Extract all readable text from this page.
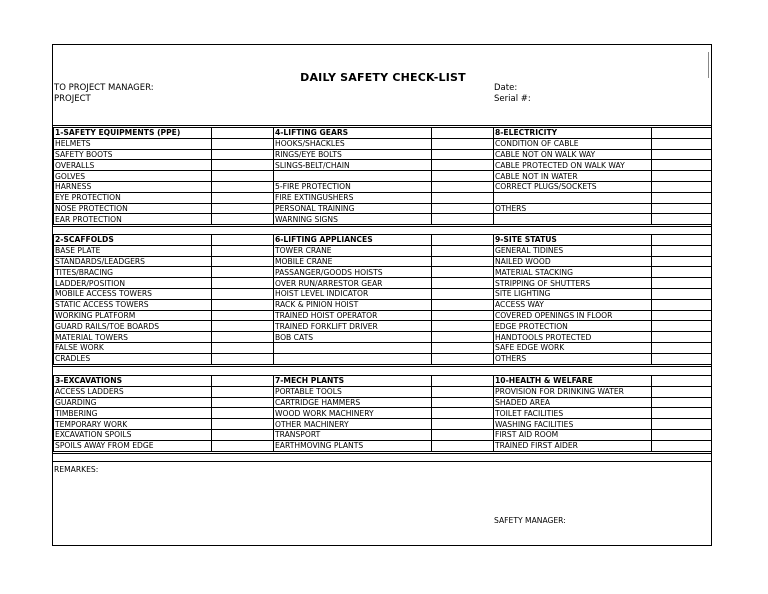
DAILY SAFETY CHECK-LIST
TO PROJECT MANAGER:
PROJECT
Date:
Serial #:
1-SAFETY EQUIPMENTS (PPE)		4-LIFTING GEARS		8-ELECTRICITY	
HELMETS		HOOKS/SHACKLES		CONDITION OF CABLE	
SAFETY BOOTS		RINGS/EYE BOLTS		CABLE NOT ON WALK WAY	
OVERALLS		SLINGS-BELT/CHAIN		CABLE PROTECTED ON WALK WAY	
GOLVES				CABLE NOT IN WATER	
HARNESS		5-FIRE PROTECTION		CORRECT PLUGS/SOCKETS	
EYE PROTECTION		FIRE EXTINGUSHERS			
NOSE PROTECTION		PERSONAL TRAINING		OTHERS	
EAR PROTECTION		WARNING SIGNS			
2-SCAFFOLDS		6-LIFTING APPLIANCES		9-SITE STATUS	
BASE PLATE		TOWER CRANE		GENERAL TIDINES	
STANDARDS/LEADGERS		MOBILE CRANE		NAILED WOOD	
TITES/BRACING		PASSANGER/GOODS HOISTS		MATERIAL STACKING	
LADDER/POSITION		OVER RUN/ARRESTOR GEAR		STRIPPING OF SHUTTERS	
MOBILE ACCESS TOWERS		HOIST LEVEL INDICATOR		SITE LIGHTING	
STATIC ACCESS TOWERS		RACK & PINION HOIST		ACCESS WAY	
WORKING PLATFORM		TRAINED HOIST OPERATOR		COVERED OPENINGS IN FLOOR	
GUARD RAILS/TOE BOARDS		TRAINED FORKLIFT DRIVER		EDGE PROTECTION	
MATERIAL TOWERS		BOB CATS		HANDTOOLS PROTECTED	
FALSE WORK				SAFE EDGE WORK	
CRADLES				OTHERS	
3-EXCAVATIONS		7-MECH PLANTS		10-HEALTH & WELFARE	
ACCESS LADDERS		PORTABLE TOOLS		PROVISION FOR DRINKING WATER	
GUARDING		CARTRIDGE HAMMERS		SHADED AREA	
TIMBERING		WOOD WORK MACHINERY		TOILET FACILITIES	
TEMPORARY WORK		OTHER MACHINERY		WASHING FACILITIES	
EXCAVATION SPOILS		TRANSPORT		FIRST AID ROOM	
SPOILS AWAY FROM EDGE		EARTHMOVING PLANTS		TRAINED FIRST AIDER	
REMARKES:
SAFETY MANAGER:
